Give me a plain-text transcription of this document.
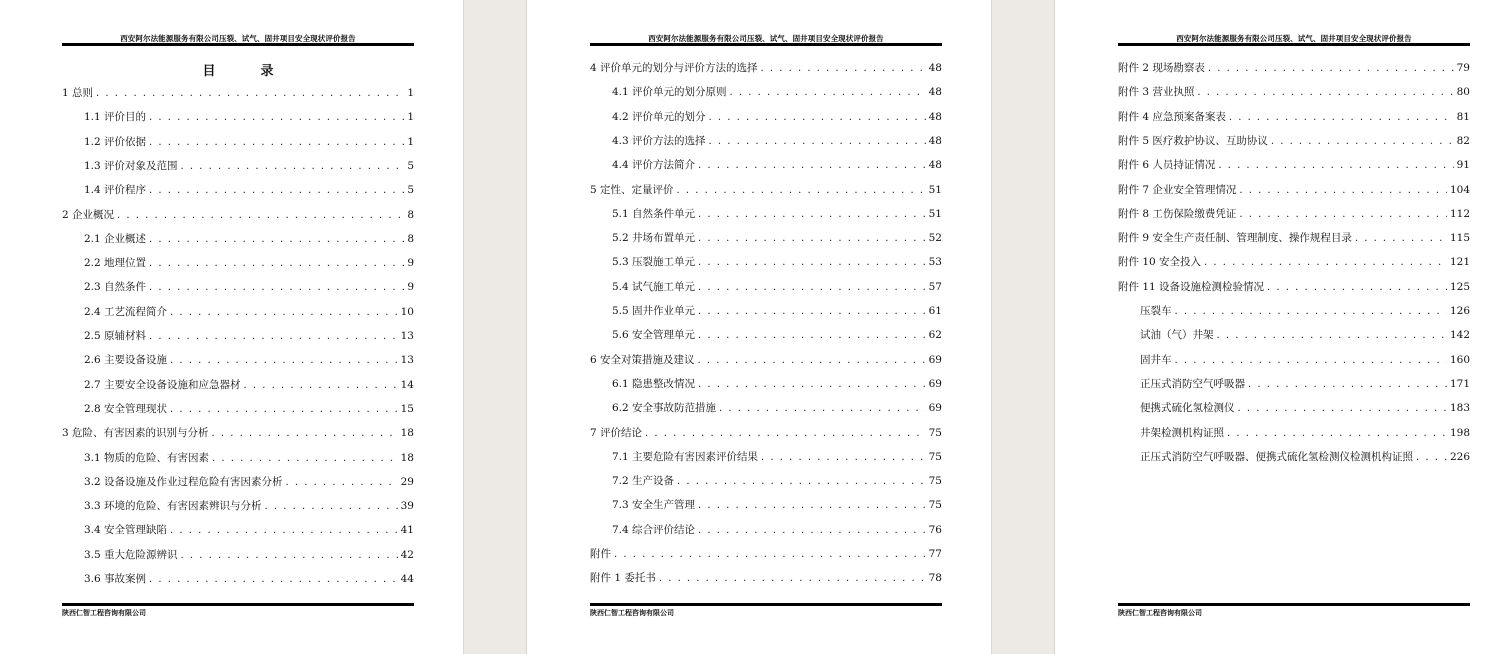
西安阿尔法能源服务有限公司压裂、试气、固井项目安全现状评价报告
目　录
陕西仁智工程咨询有限公司
1 总则 . . .	1
1.1 评价目的 . . .	1
1.2 评价依据 . . .	1
1.3 评价对象及范围 . . .	5
1.4 评价程序 . . .	5
2 企业概况 . . .	8
2.1 企业概述 . . .	8
2.2 地理位置 . . .	9
2.3 自然条件 . . .	9
2.4 工艺流程简介 . . .	10
2.5 原辅材料 . . .	13
2.6 主要设备设施 . . .	13
2.7 主要安全设备设施和应急器材 . . .	14
2.8 安全管理现状 . . .	15
3 危险、有害因素的识别与分析 . . .	18
3.1 物质的危险、有害因素 . . .	18
3.2 设备设施及作业过程危险有害因素分析 . . .	29
3.3 环境的危险、有害因素辨识与分析 . . .	39
3.4 安全管理缺陷 . . .	41
3.5 重大危险源辨识 . . .	42
3.6 事故案例 . . .	44
西安阿尔法能源服务有限公司压裂、试气、固井项目安全现状评价报告
陕西仁智工程咨询有限公司
4 评价单元的划分与评价方法的选择 . . .	48
4.1 评价单元的划分原则 . . .	48
4.2 评价单元的划分 . . .	48
4.3 评价方法的选择 . . .	48
4.4 评价方法简介 . . .	48
5 定性、定量评价 . . .	51
5.1 自然条件单元 . . .	51
5.2 井场布置单元 . . .	52
5.3 压裂施工单元 . . .	53
5.4 试气施工单元 . . .	57
5.5 固井作业单元 . . .	61
5.6 安全管理单元 . . .	62
6 安全对策措施及建议 . . .	69
6.1 隐患整改情况 . . .	69
6.2 安全事故防范措施 . . .	69
7 评价结论 . . .	75
7.1 主要危险有害因素评价结果 . . .	75
7.2 生产设备 . . .	75
7.3 安全生产管理 . . .	75
7.4 综合评价结论 . . .	76
附件 . . .	77
附件 1 委托书 . . .	78
西安阿尔法能源服务有限公司压裂、试气、固井项目安全现状评价报告
陕西仁智工程咨询有限公司
附件 2 现场勘察表 . . .	79
附件 3 营业执照 . . .	80
附件 4 应急预案备案表 . . .	81
附件 5 医疗救护协议、互助协议 . . .	82
附件 6 人员持证情况 . . .	91
附件 7 企业安全管理情况 . . .	104
附件 8 工伤保险缴费凭证 . . .	112
附件 9 安全生产责任制、管理制度、操作规程目录 . . .	115
附件 10 安全投入 . . .	121
附件 11 设备设施检测检验情况 . . .	125
压裂车 . . .	126
试油（气）井架 . . .	142
固井车 . . .	160
正压式消防空气呼吸器 . . .	171
便携式硫化氢检测仪 . . .	183
井架检测机构证照 . . .	198
正压式消防空气呼吸器、便携式硫化氢检测仪检测机构证照 . . .	226
